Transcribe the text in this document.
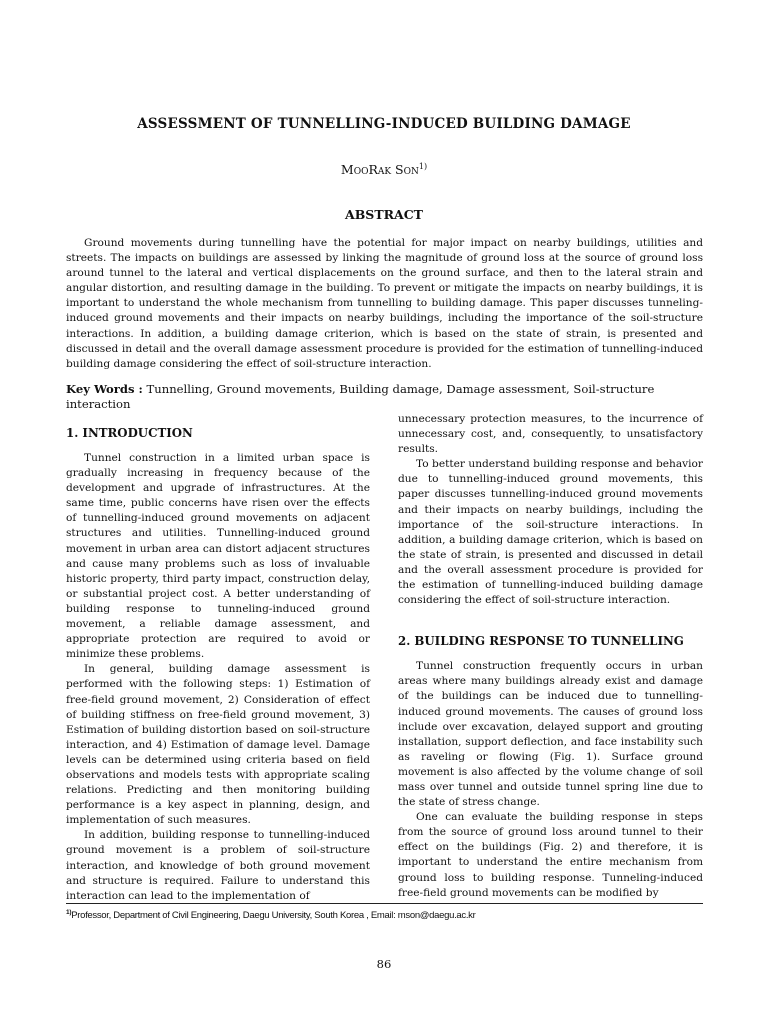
ASSESSMENT OF TUNNELLING-INDUCED BUILDING DAMAGE
MooRak Son$^{1)}$
ABSTRACT

Ground movements during tunnelling have the potential for major impact on nearby buildings, utilities and streets. The impacts on buildings are assessed by linking the magnitude of ground loss at the source of ground loss around tunnel to the lateral and vertical displacements on the ground surface, and then to the lateral strain and angular distortion, and resulting damage in the building. To prevent or mitigate the impacts on nearby buildings, it is important to understand the whole mechanism from tunnelling to building damage. This paper discusses tunneling-induced ground movements and their impacts on nearby buildings, including the importance of the soil-structure interactions. In addition, a building damage criterion, which is based on the state of strain, is presented and discussed in detail and the overall damage assessment procedure is provided for the estimation of tunnelling-induced building damage considering the effect of soil-structure interaction.

Key Words : Tunnelling, Ground movements, Building damage, Damage assessment, Soil-structure interaction

1. INTRODUCTION

Tunnel construction in a limited urban space is gradually increasing in frequency because of the development and upgrade of infrastructures. At the same time, public concerns have risen over the effects of tunnelling-induced ground movements on adjacent structures and utilities. Tunnelling-induced ground movement in urban area can distort adjacent structures and cause many problems such as loss of invaluable historic property, third party impact, construction delay, or substantial project cost. A better understanding of building response to tunneling-induced ground movement, a reliable damage assessment, and appropriate protection are required to avoid or minimize these problems.

In general, building damage assessment is performed with the following steps: 1) Estimation of free-field ground movement, 2) Consideration of effect of building stiffness on free-field ground movement, 3) Estimation of building distortion based on soil-structure interaction, and 4) Estimation of damage level. Damage levels can be determined using criteria based on field observations and models tests with appropriate scaling relations. Predicting and then monitoring building performance is a key aspect in planning, design, and implementation of such measures.

In addition, building response to tunnelling-induced ground movement is a problem of soil-structure interaction, and knowledge of both ground movement and structure is required. Failure to understand this interaction can lead to the implementation of

unnecessary protection measures, to the incurrence of unnecessary cost, and, consequently, to unsatisfactory results.

To better understand building response and behavior due to tunnelling-induced ground movements, this paper discusses tunnelling-induced ground movements and their impacts on nearby buildings, including the importance of the soil-structure interactions. In addition, a building damage criterion, which is based on the state of strain, is presented and discussed in detail and the overall assessment procedure is provided for the estimation of tunnelling-induced building damage considering the effect of soil-structure interaction.

2. BUILDING RESPONSE TO TUNNELLING

Tunnel construction frequently occurs in urban areas where many buildings already exist and damage of the buildings can be induced due to tunnelling-induced ground movements. The causes of ground loss include over excavation, delayed support and grouting installation, support deflection, and face instability such as raveling or flowing (Fig. 1). Surface ground movement is also affected by the volume change of soil mass over tunnel and outside tunnel spring line due to the state of stress change.

One can evaluate the building response in steps from the source of ground loss around tunnel to their effect on the buildings (Fig. 2) and therefore, it is important to understand the entire mechanism from ground loss to building response. Tunneling-induced free-field ground movements can be modified by

$^{1)}$Professor, Department of Civil Engineering, Daegu University, South Korea , Email: mson@daegu.ac.kr
86
